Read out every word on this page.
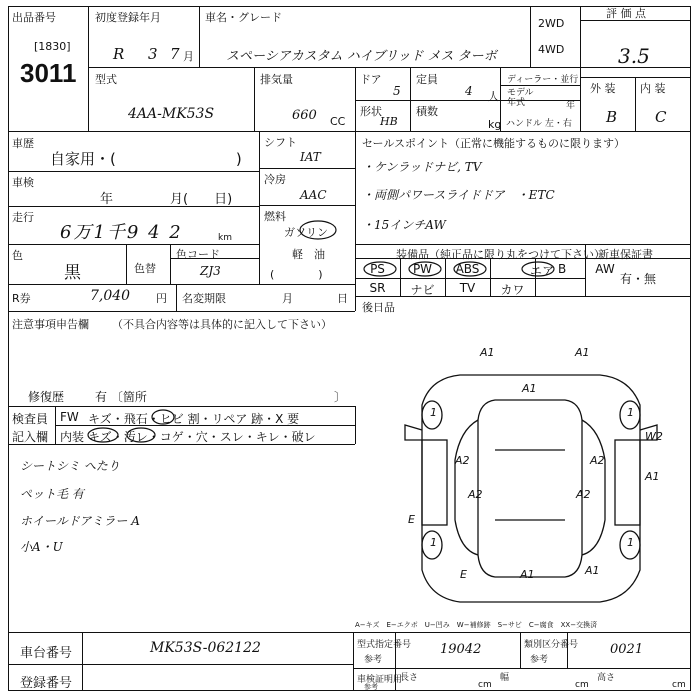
出品番号
[1830]
3011
初度登録年月
R 3 7 月
車名・グレード
スペーシアカスタム ハイブリッド メス ターボ
2WD
4WD
評 価 点
3.5
型式
4AA-MK53S
排気量
660 CC
ドア
5
定員
4 人
ディーラー・並行
モデル
年式	年
形状
HB
積数
kg ハンドル 左・右
外 装 内 装
B	C
車歴
自家用・(　　　　　　　　)
車検
年	月(　　日)
走行
6万1千9 4 2	km
色
黒	色替
色コード
ZJ3
R券	7,040 円 名変期限	月	日
シフト
IAT
冷房
AAC
燃料
ガソリン
軽　油
(　　　　)
セールスポイント（正常に機能するものに限ります）
・ケンラッドナビ, TV
・両側パワースライドドア　・ETC
・15インチAW
装備品（純正品に限り丸をつけて下さい）
新車保証書
有・無
PS	PW	ABS	エア B	AW
SR	ナビ	TV	カワ
後日品
注意事項申告欄 （不具合内容等は具体的に記入して下さい）
修復歴	有 〔箇所	〕
検査員
記入欄
FW キズ・飛石・ヒビ 割・リペア 跡・X 要
内装 キズ・汚レ・コゲ・穴・スレ・キレ・破レ
シートシミ へたり
ペット毛 有
ホイールドアミラー A
小A・U
1	1
1	1
A1	A1
A1
A2	A2
A2	A2
W2
A1
E
E	A1	A1
A−キズ　E−エクボ　U−凹み　W−補修跡　S−サビ　C−腐食　XX−交換済
車台番号	MK53S-062122
登録番号
型式指定番号
参考
19042	類別区分番号
参考
0021
車検証明用
参考
長さ
cm
幅
cm
高さ
cm
